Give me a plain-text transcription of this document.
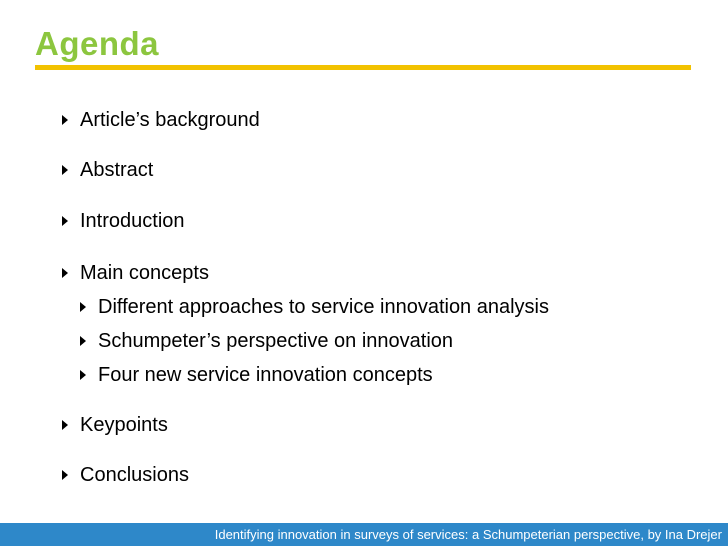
Agenda
Article’s background
Abstract
Introduction
Main concepts
Different approaches to service innovation analysis
Schumpeter’s perspective on innovation
Four new service innovation concepts
Keypoints
Conclusions
Identifying innovation in surveys of services: a Schumpeterian perspective, by Ina Drejer
